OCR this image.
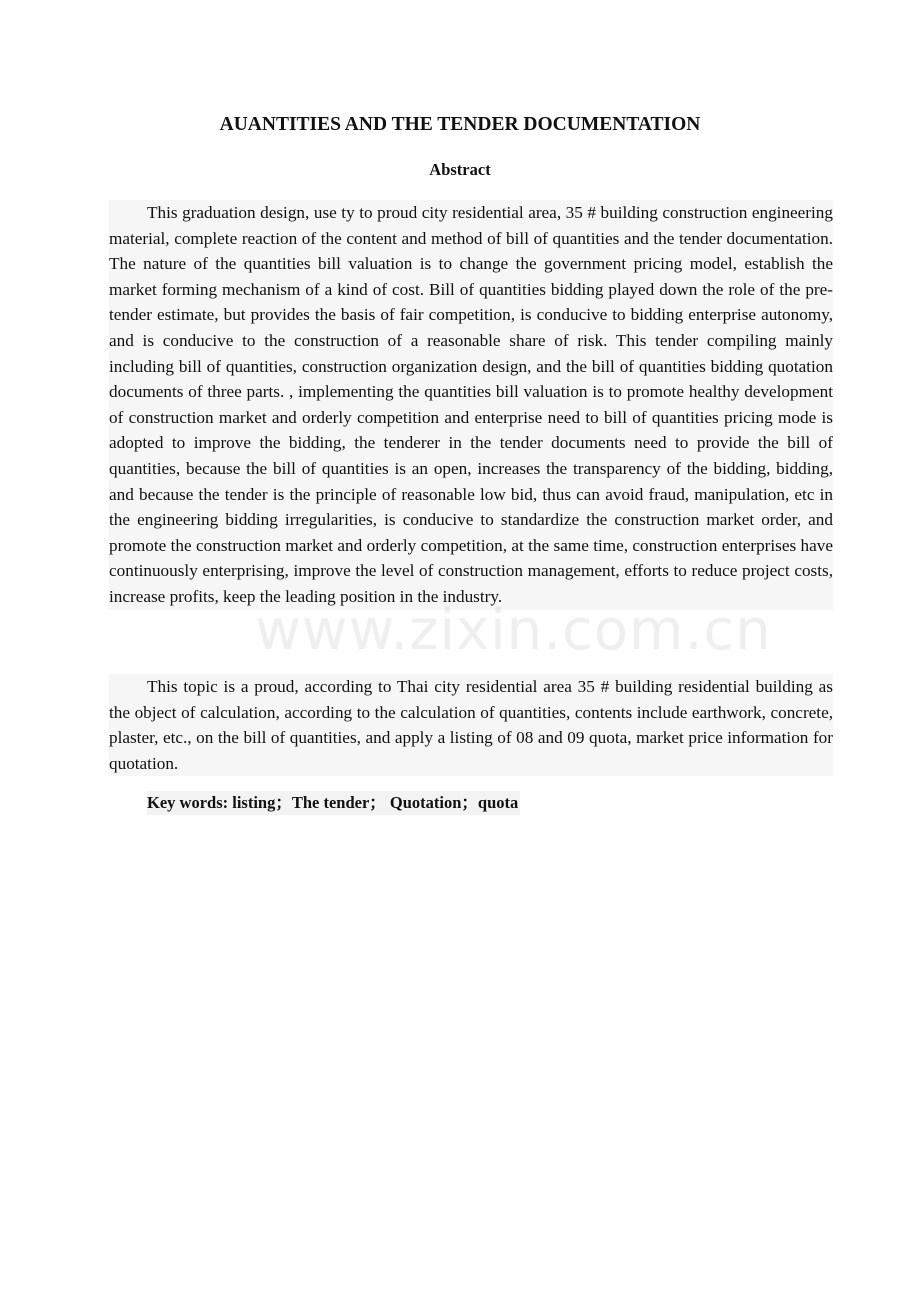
AUANTITIES AND THE TENDER DOCUMENTATION
Abstract

This graduation design, use ty to proud city residential area, 35 # building construction engineering material, complete reaction of the content and method of bill of quantities and the tender documentation. The nature of the quantities bill valuation is to change the government pricing model, establish the market forming mechanism of a kind of cost. Bill of quantities bidding played down the role of the pre-tender estimate, but provides the basis of fair competition, is conducive to bidding enterprise autonomy, and is conducive to the construction of a reasonable share of risk. This tender compiling mainly including bill of quantities, construction organization design, and the bill of quantities bidding quotation documents of three parts. , implementing the quantities bill valuation is to promote healthy development of construction market and orderly competition and enterprise need to bill of quantities pricing mode is adopted to improve the bidding, the tenderer in the tender documents need to provide the bill of quantities, because the bill of quantities is an open, increases the transparency of the bidding, bidding, and because the tender is the principle of reasonable low bid, thus can avoid fraud, manipulation, etc in the engineering bidding irregularities, is conducive to standardize the construction market order, and promote the construction market and orderly competition, at the same time, construction enterprises have continuously enterprising, improve the level of construction management, efforts to reduce project costs, increase profits, keep the leading position in the industry.

This topic is a proud, according to Thai city residential area 35 # building residential building as the object of calculation, according to the calculation of quantities, contents include earthwork, concrete, plaster, etc., on the bill of quantities, and apply a listing of 08 and 09 quota, market price information for quotation.

Key words: listing；The tender； Quotation；quota
www.zixin.com.cn
